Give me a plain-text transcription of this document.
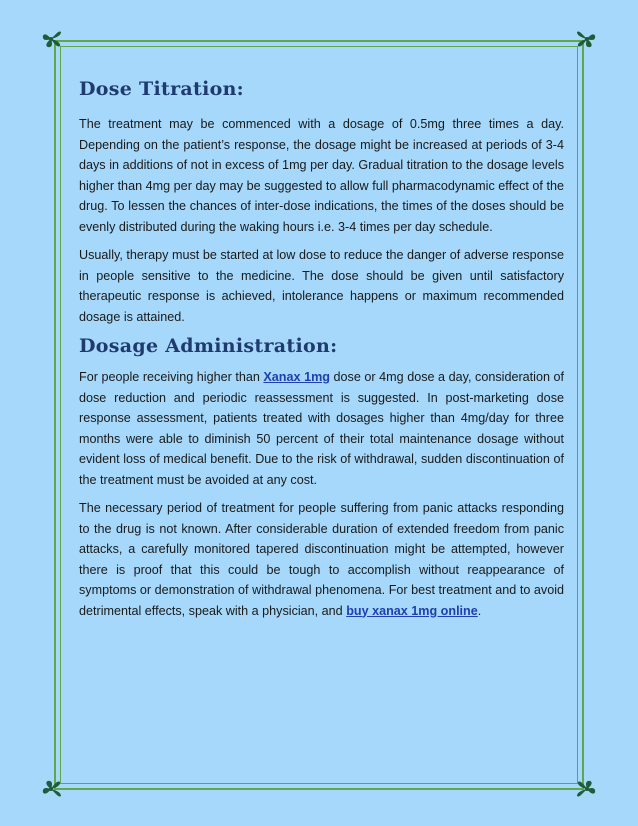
Dose Titration:

The treatment may be commenced with a dosage of 0.5mg three times a day. Depending on the patient’s response, the dosage might be increased at periods of 3-4 days in additions of not in excess of 1mg per day. Gradual titration to the dosage levels higher than 4mg per day may be suggested to allow full pharmacodynamic effect of the drug. To lessen the chances of inter-dose indications, the times of the doses should be evenly distributed during the waking hours i.e. 3-4 times per day schedule.

Usually, therapy must be started at low dose to reduce the danger of adverse response in people sensitive to the medicine. The dose should be given until satisfactory therapeutic response is achieved, intolerance happens or maximum recommended dosage is attained.

Dosage Administration:

For people receiving higher than Xanax 1mg dose or 4mg dose a day, consideration of dose reduction and periodic reassessment is suggested. In post-marketing dose response assessment, patients treated with dosages higher than 4mg/day for three months were able to diminish 50 percent of their total maintenance dosage without evident loss of medical benefit. Due to the risk of withdrawal, sudden discontinuation of the treatment must be avoided at any cost.

The necessary period of treatment for people suffering from panic attacks responding to the drug is not known. After considerable duration of extended freedom from panic attacks, a carefully monitored tapered discontinuation might be attempted, however there is proof that this could be tough to accomplish without reappearance of symptoms or demonstration of withdrawal phenomena. For best treatment and to avoid detrimental effects, speak with a physician, and buy xanax 1mg online.
